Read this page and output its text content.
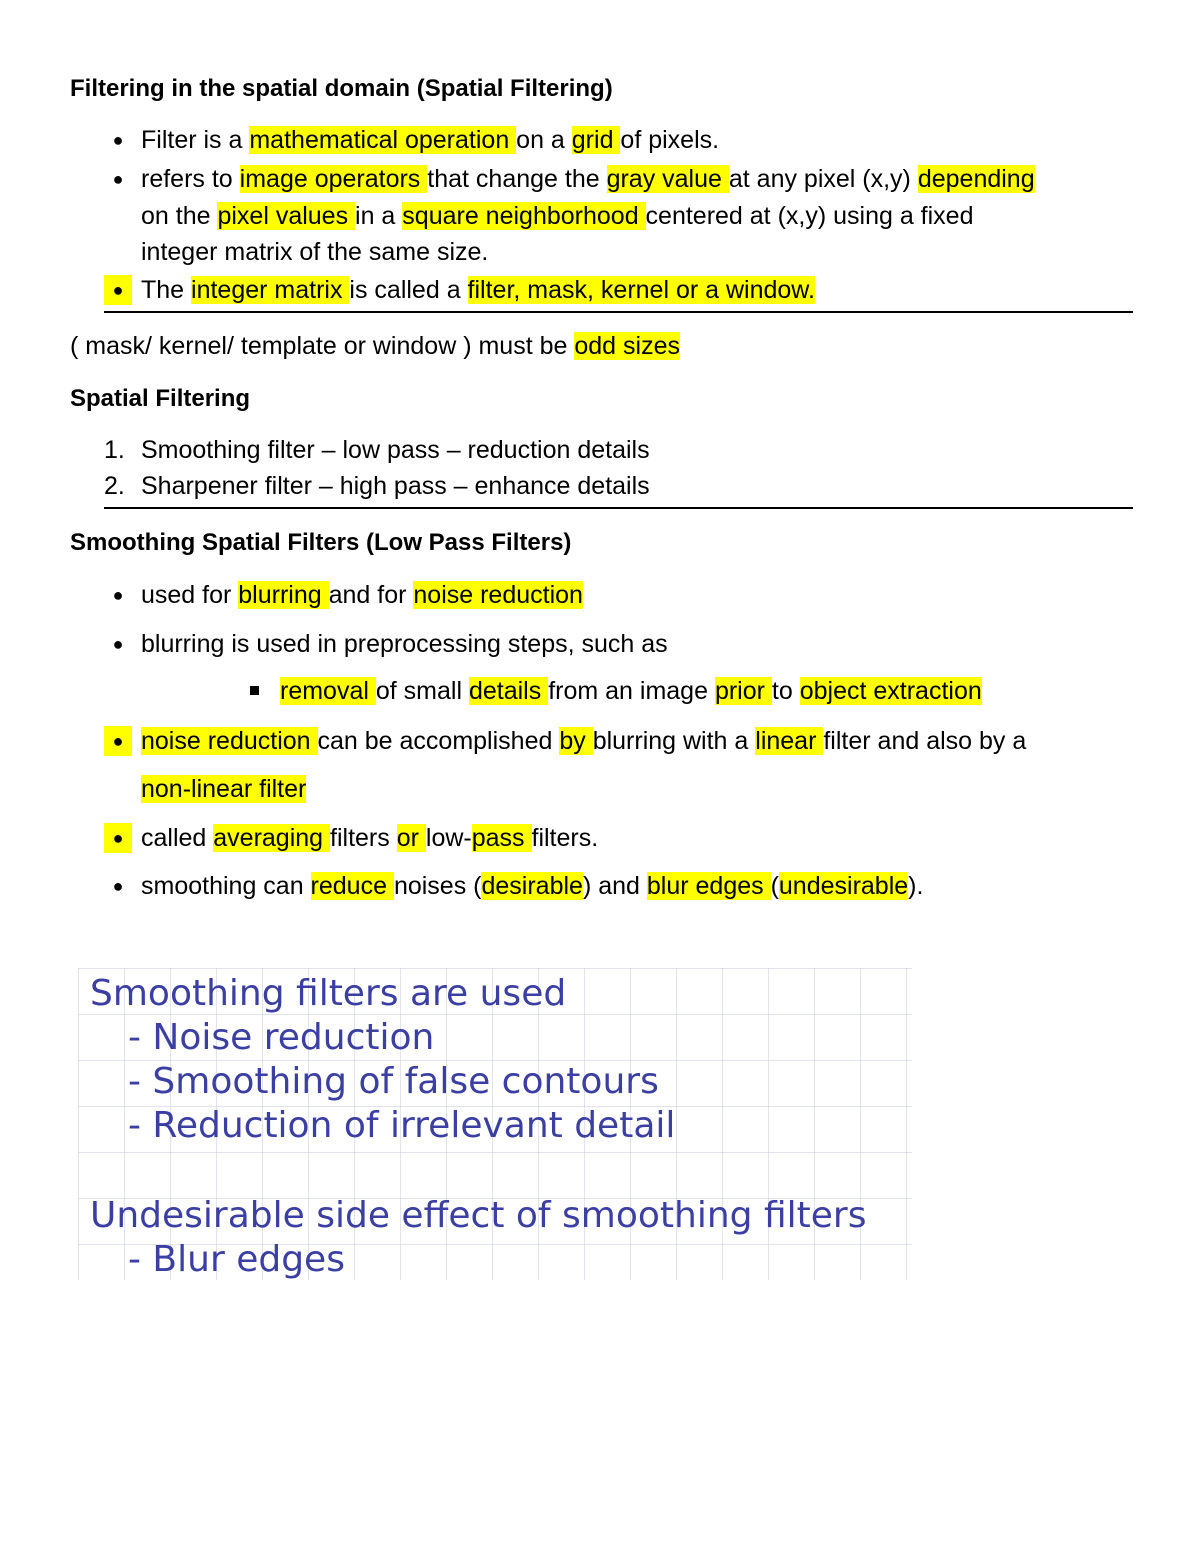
Filtering in the spatial domain (Spatial Filtering)
● Filter is a mathematical operation on a grid of pixels.
● refers to image operators that change the gray value at any pixel (x,y) depending
on the pixel values in a square neighborhood centered at (x,y) using a fixed
integer matrix of the same size.
● The integer matrix is called a filter, mask, kernel or a window.
( mask/ kernel/ template or window ) must be odd sizes
Spatial Filtering
1. Smoothing filter – low pass – reduction details
2. Sharpener filter – high pass – enhance details
Smoothing Spatial Filters (Low Pass Filters)
● used for blurring and for noise reduction
● blurring is used in preprocessing steps, such as
removal of small details from an image prior to object extraction
● noise reduction can be accomplished by blurring with a linear filter and also by a
non-linear filter
● called averaging filters or low-pass filters.
● smoothing can reduce noises (desirable) and blur edges (undesirable).
Smoothing filters are used
- Noise reduction
- Smoothing of false contours
- Reduction of irrelevant detail
Undesirable side effect of smoothing filters
- Blur edges
